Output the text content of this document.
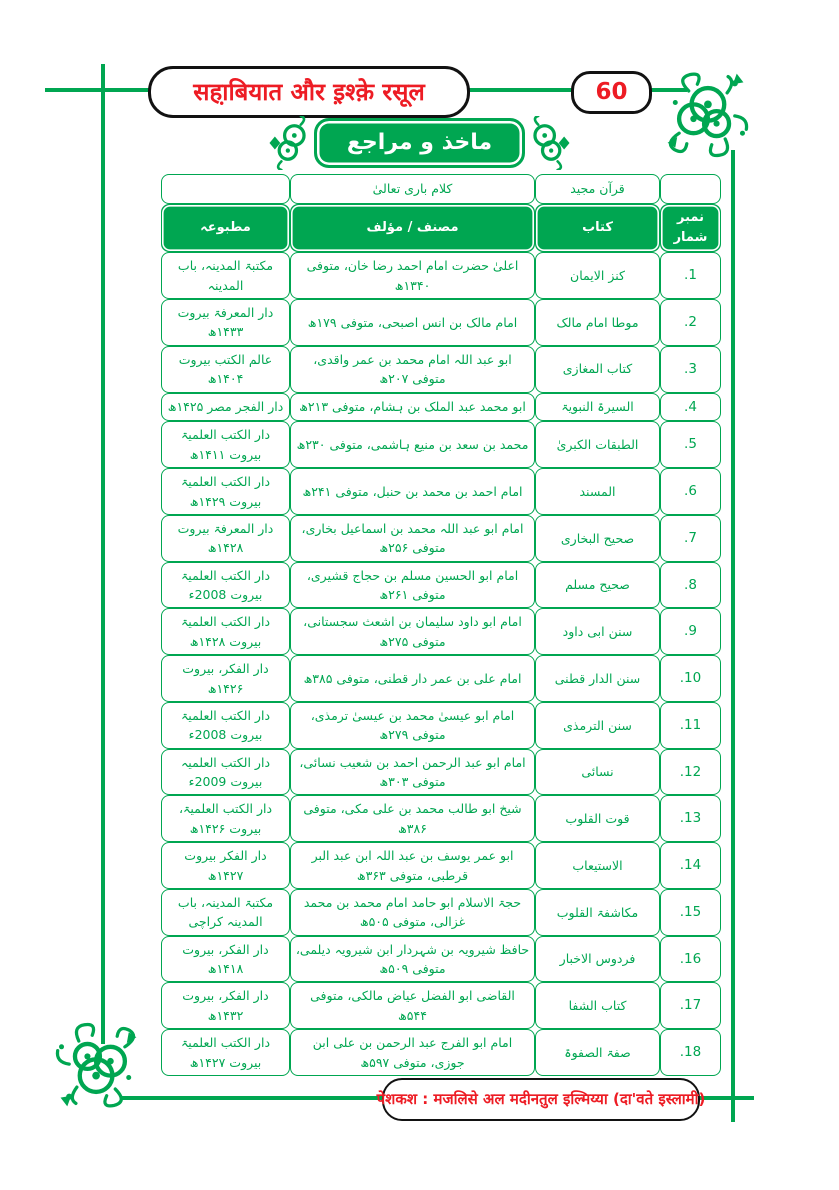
सहा़बियात और इ़श्क़े रसूल	60
ماخذ و مراجع
	قرآن مجید	کلام باری تعالیٰ	
نمبر شمار	کتاب	مصنف / مؤلف	مطبوعہ
1.	کنز الایمان	اعلیٰ حضرت امام احمد رضا خان، متوفی ۱۳۴۰ھ	مکتبۃ المدینہ، باب المدینہ
2.	موطا امام مالک	امام مالک بن انس اصبحی، متوفی ۱۷۹ھ	دار المعرفۃ بیروت ۱۴۳۳ھ
3.	کتاب المغازی	ابو عبد اللہ امام محمد بن عمر واقدی، متوفی ۲۰۷ھ	عالم الکتب بیروت ۱۴۰۴ھ
4.	السیرۃ النبویۃ	ابو محمد عبد الملک بن ہشام، متوفی ۲۱۳ھ	دار الفجر مصر ۱۴۲۵ھ
5.	الطبقات الکبریٰ	محمد بن سعد بن منیع ہاشمی، متوفی ۲۳۰ھ	دار الکتب العلمیۃ بیروت ۱۴۱۱ھ
6.	المسند	امام احمد بن محمد بن حنبل، متوفی ۲۴۱ھ	دار الکتب العلمیۃ بیروت ۱۴۲۹ھ
7.	صحیح البخاری	امام ابو عبد اللہ محمد بن اسماعیل بخاری، متوفی ۲۵۶ھ	دار المعرفۃ بیروت ۱۴۲۸ھ
8.	صحیح مسلم	امام ابو الحسین مسلم بن حجاج قشیری، متوفی ۲۶۱ھ	دار الکتب العلمیۃ بیروت 2008ء
9.	سنن ابی داود	امام ابو داود سلیمان بن اشعث سجستانی، متوفی ۲۷۵ھ	دار الکتب العلمیۃ بیروت ۱۴۲۸ھ
10.	سنن الدار قطنی	امام علی بن عمر دار قطنی، متوفی ۳۸۵ھ	دار الفکر، بیروت ۱۴۲۶ھ
11.	سنن الترمذی	امام ابو عیسیٰ محمد بن عیسیٰ ترمذی، متوفی ۲۷۹ھ	دار الکتب العلمیۃ بیروت 2008ء
12.	نسائی	امام ابو عبد الرحمن احمد بن شعیب نسائی، متوفی ۳۰۳ھ	دار الکتب العلمیہ بیروت 2009ء
13.	قوت القلوب	شیخ ابو طالب محمد بن علی مکی، متوفی ۳۸۶ھ	دار الکتب العلمیۃ، بیروت ۱۴۲۶ھ
14.	الاستیعاب	ابو عمر یوسف بن عبد اللہ ابن عبد البر قرطبی، متوفی ۳۶۳ھ	دار الفکر بیروت ۱۴۲۷ھ
15.	مکاشفۃ القلوب	حجۃ الاسلام ابو حامد امام محمد بن محمد غزالی، متوفی ۵۰۵ھ	مکتبۃ المدینہ، باب المدینہ کراچی
16.	فردوس الاخبار	حافظ شیرویہ بن شہردار ابن شیرویہ دیلمی، متوفی ۵۰۹ھ	دار الفکر، بیروت ۱۴۱۸ھ
17.	کتاب الشفا	القاضی ابو الفضل عیاض مالکی، متوفی ۵۴۴ھ	دار الفکر، بیروت ۱۴۳۲ھ
18.	صفۃ الصفوۃ	امام ابو الفرج عبد الرحمن بن علی ابن جوزی، متوفی ۵۹۷ھ	دار الکتب العلمیۃ بیروت ۱۴۲۷ھ
पेशकश : मजलिसे अल मदीनतुल इल्मिय्या (दा'वते इस्लामी)
